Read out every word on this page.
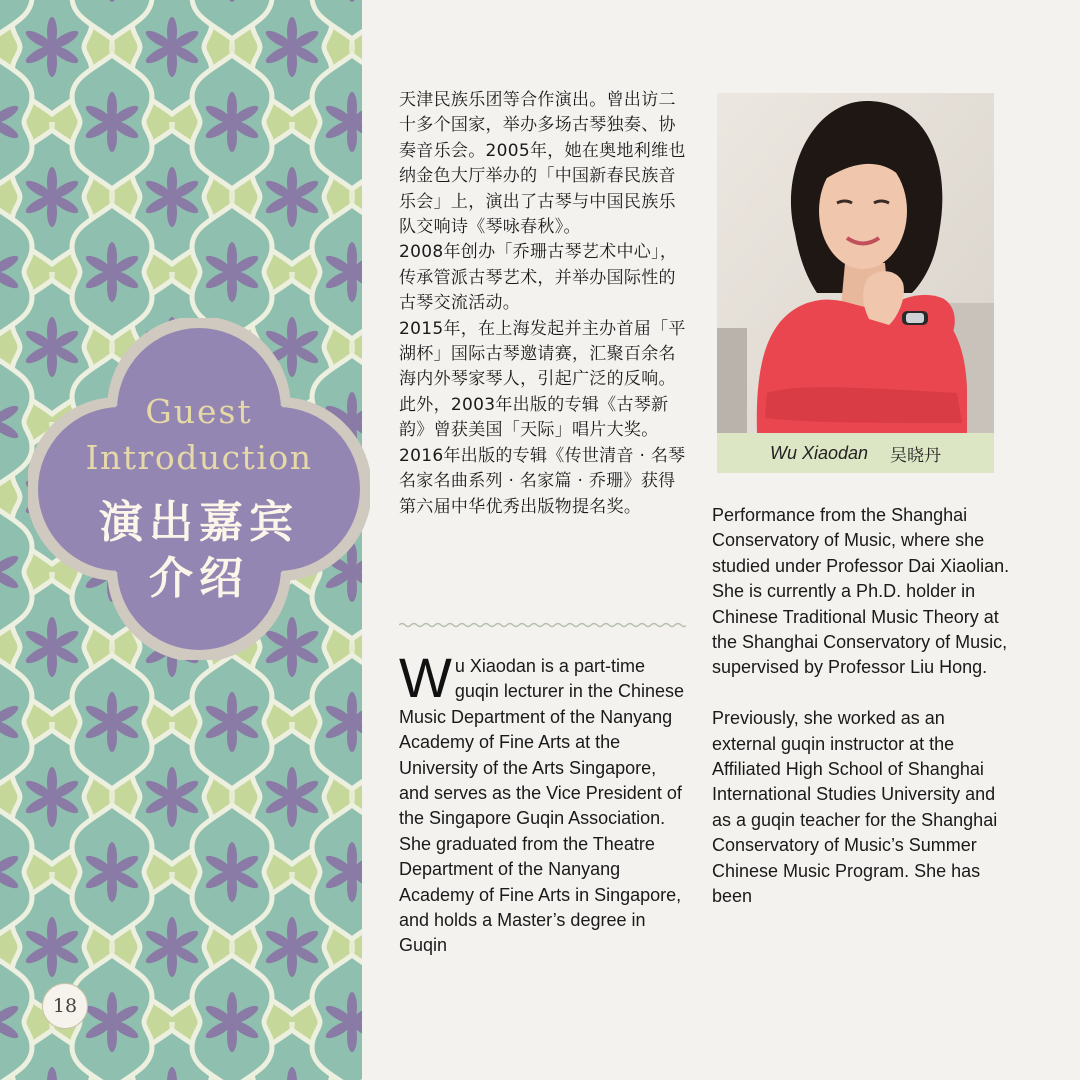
Guest
Introduction
演出嘉宾
介绍
18

天津民族乐团等合作演出。曾出访二十多个国家，举办多场古琴独奏、协奏音乐会。2005年，她在奥地利维也纳金色大厅举办的「中国新春民族音乐会」上，演出了古琴与中国民族乐队交响诗《琴咏春秋》。

2008年创办「乔珊古琴艺术中心」，传承管派古琴艺术，并举办国际性的古琴交流活动。

2015年，在上海发起并主办首届「平湖杯」国际古琴邀请赛，汇聚百余名海内外琴家琴人，引起广泛的反响。

此外，2003年出版的专辑《古琴新韵》曾获美国「天际」唱片大奖。 2016年出版的专辑《传世清音 · 名琴名家名曲系列 · 名家篇 · 乔珊》获得第六届中华优秀出版物提名奖。

Wu Xiaodan is a part-time guqin lecturer in the Chinese Music Department of the Nanyang Academy of Fine Arts at the University of the Arts Singapore, and serves as the Vice President of the Singapore Guqin Association. She graduated from the Theatre Department of the Nanyang Academy of Fine Arts in Singapore, and holds a Master’s degree in Guqin
Wu Xiaodan 吴晓丹

Performance from the Shanghai Conservatory of Music, where she studied under Professor Dai Xiaolian. She is currently a Ph.D. holder in Chinese Traditional Music Theory at the Shanghai Conservatory of Music, supervised by Professor Liu Hong.

Previously, she worked as an external guqin instructor at the Affiliated High School of Shanghai International Studies University and as a guqin teacher for the Shanghai Conservatory of Music’s Summer Chinese Music Program. She has been
